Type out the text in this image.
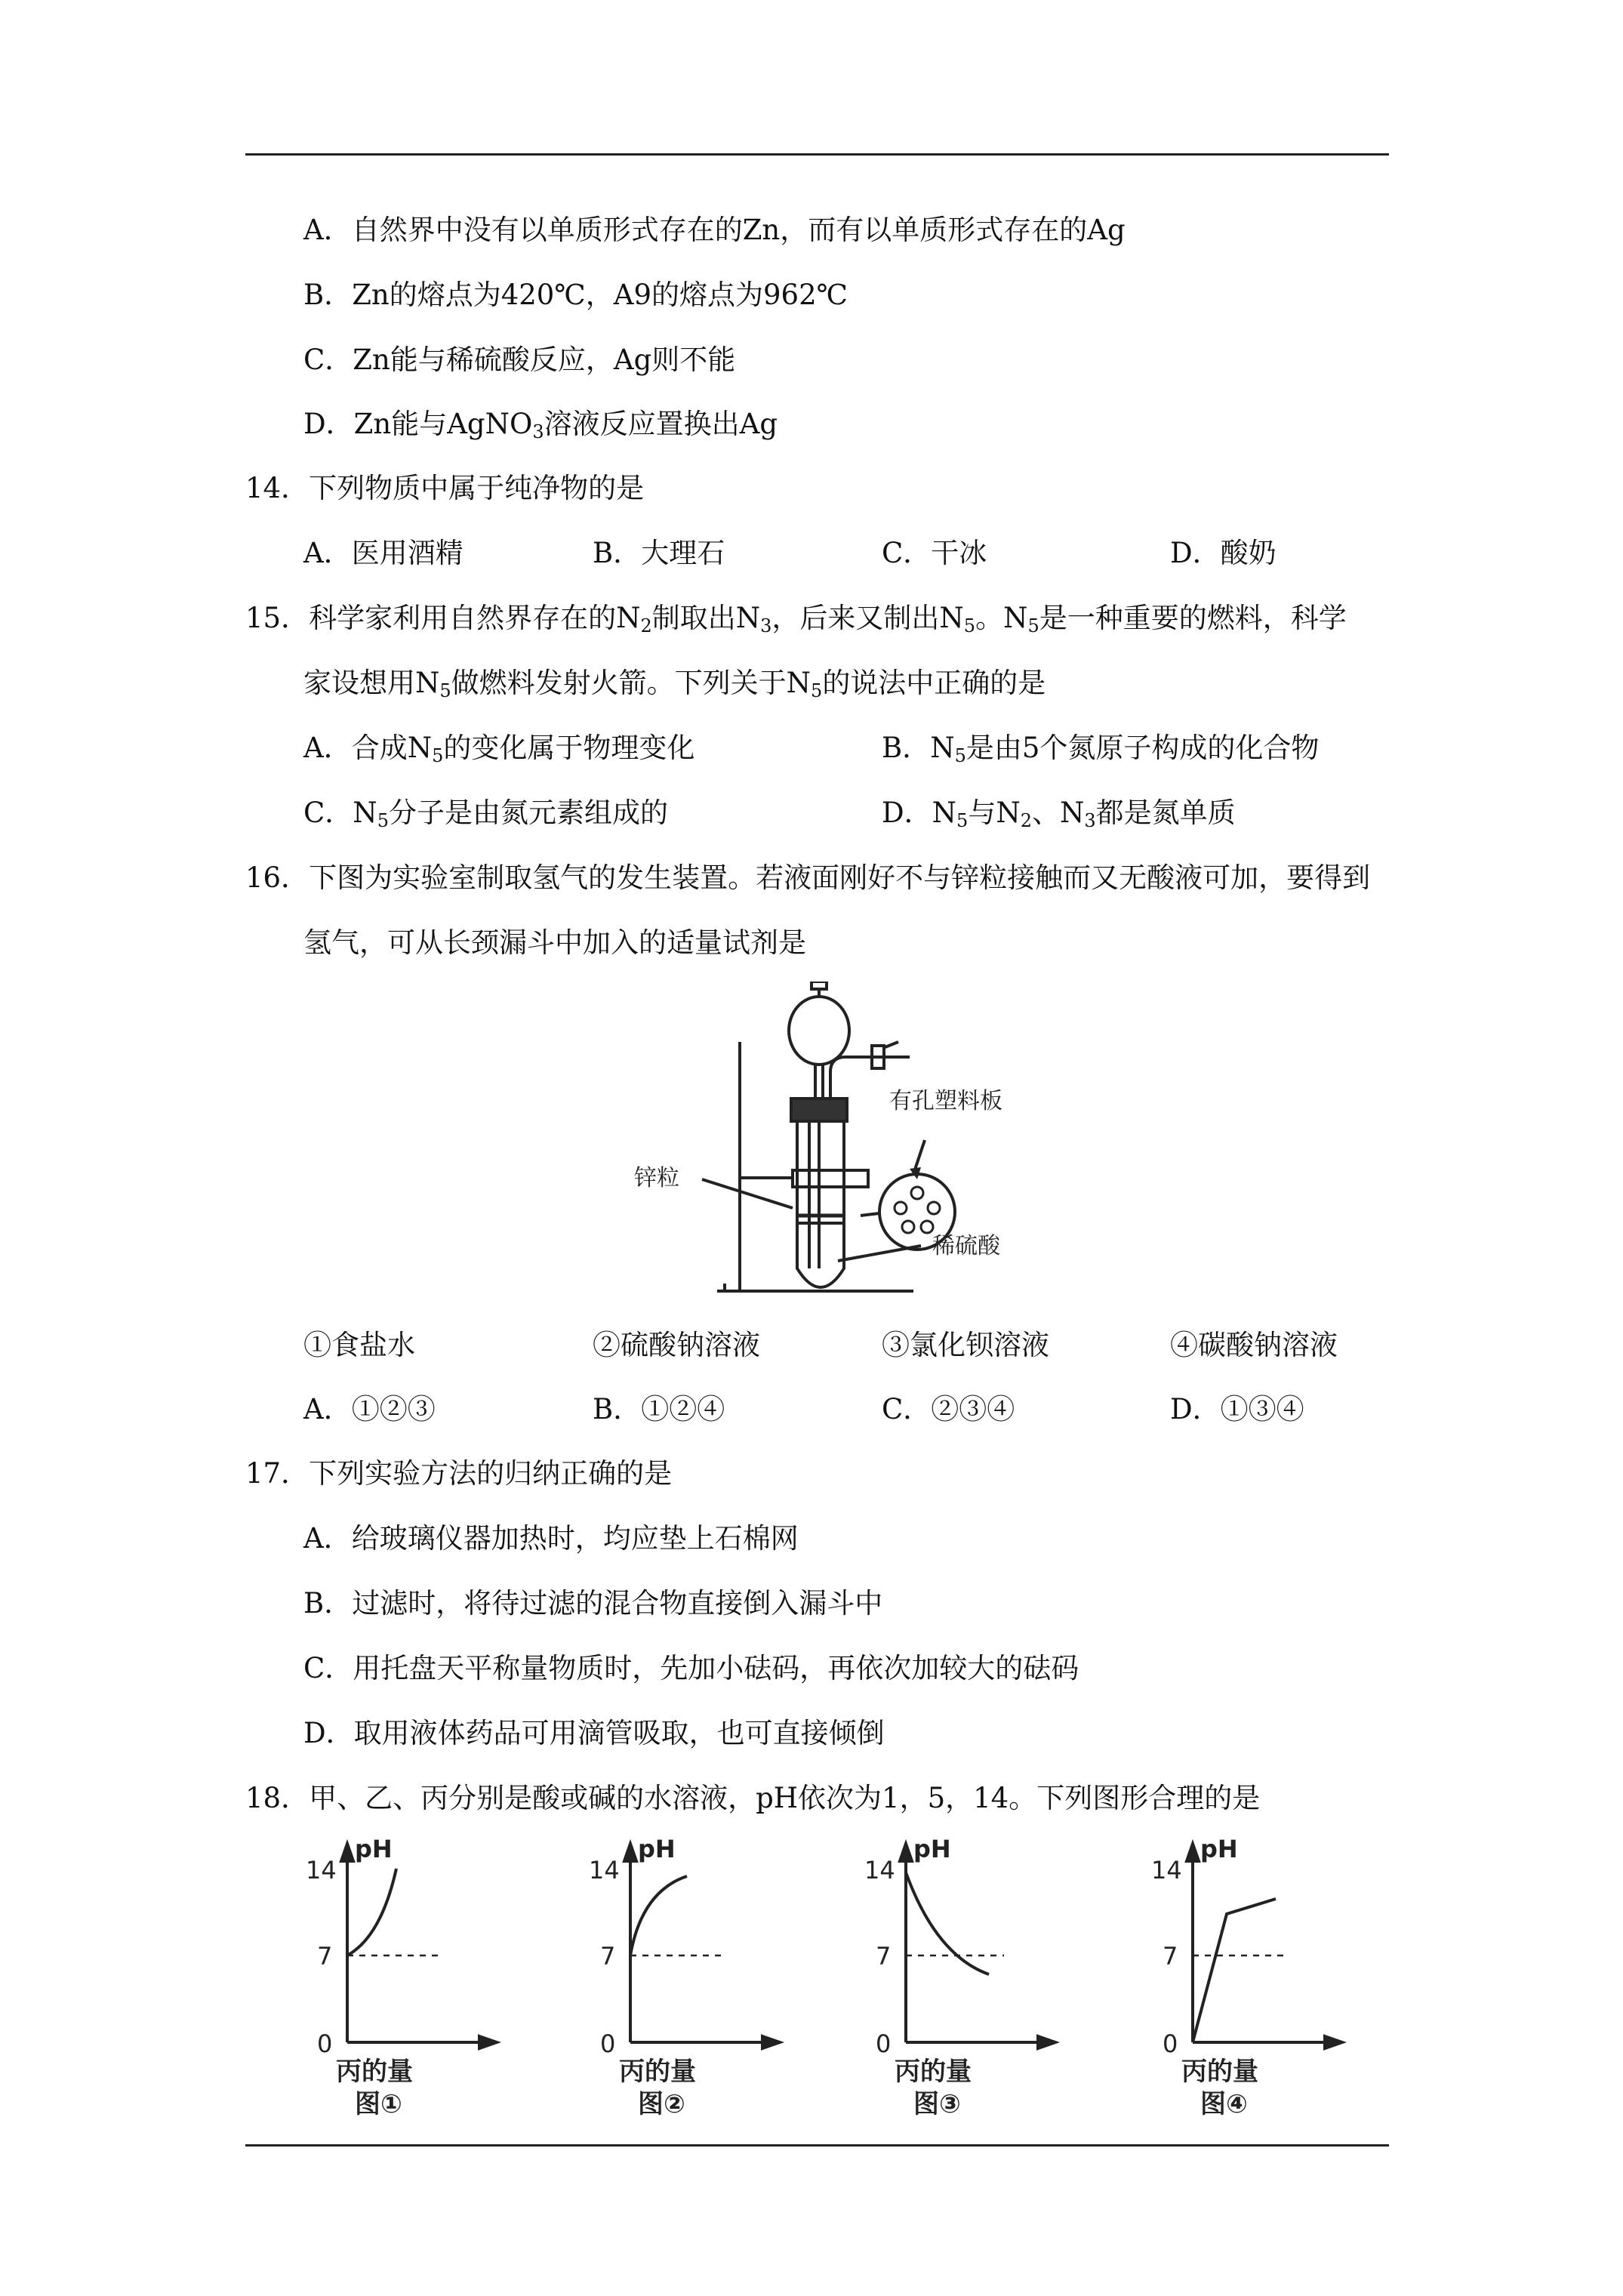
A．自然界中没有以单质形式存在的Zn，而有以单质形式存在的Ag
B．Zn的熔点为420℃，A9的熔点为962℃
C．Zn能与稀硫酸反应，Ag则不能
D．Zn能与AgNO$_3$溶液反应置换出Ag
14．下列物质中属于纯净物的是
A．医用酒精	B．大理石	C．干冰	D．酸奶
15．科学家利用自然界存在的$N_2$制取出$N_3$，后来又制出$N_5$。$N_5$是一种重要的燃料，科学
家设想用$N_5$做燃料发射火箭。下列关于$N_5$的说法中正确的是
A．合成$N_5$的变化属于物理变化	B．$N_5$是由5个氮原子构成的化合物
C．$N_5$分子是由氮元素组成的	D．$N_5$与$N_2$、$N_3$都是氮单质
16．下图为实验室制取氢气的发生装置。若液面刚好不与锌粒接触而又无酸液可加，要得到
氢气，可从长颈漏斗中加入的适量试剂是
有孔塑料板
锌粒
稀硫酸
①食盐水	②硫酸钠溶液	③氯化钡溶液	④碳酸钠溶液
A．①②③	B．①②④	C．②③④	D．①③④
17．下列实验方法的归纳正确的是
A．给玻璃仪器加热时，均应垫上石棉网
B．过滤时，将待过滤的混合物直接倒入漏斗中
C．用托盘天平称量物质时，先加小砝码，再依次加较大的砝码
D．取用液体药品可用滴管吸取，也可直接倾倒
18．甲、乙、丙分别是酸或碱的水溶液，pH依次为1，5，14。下列图形合理的是
pH
14
7
0
丙的量
图①
pH
14
7
0
丙的量
图②
pH
14
7
0
丙的量
图③
pH
14
7
0
丙的量
图④
